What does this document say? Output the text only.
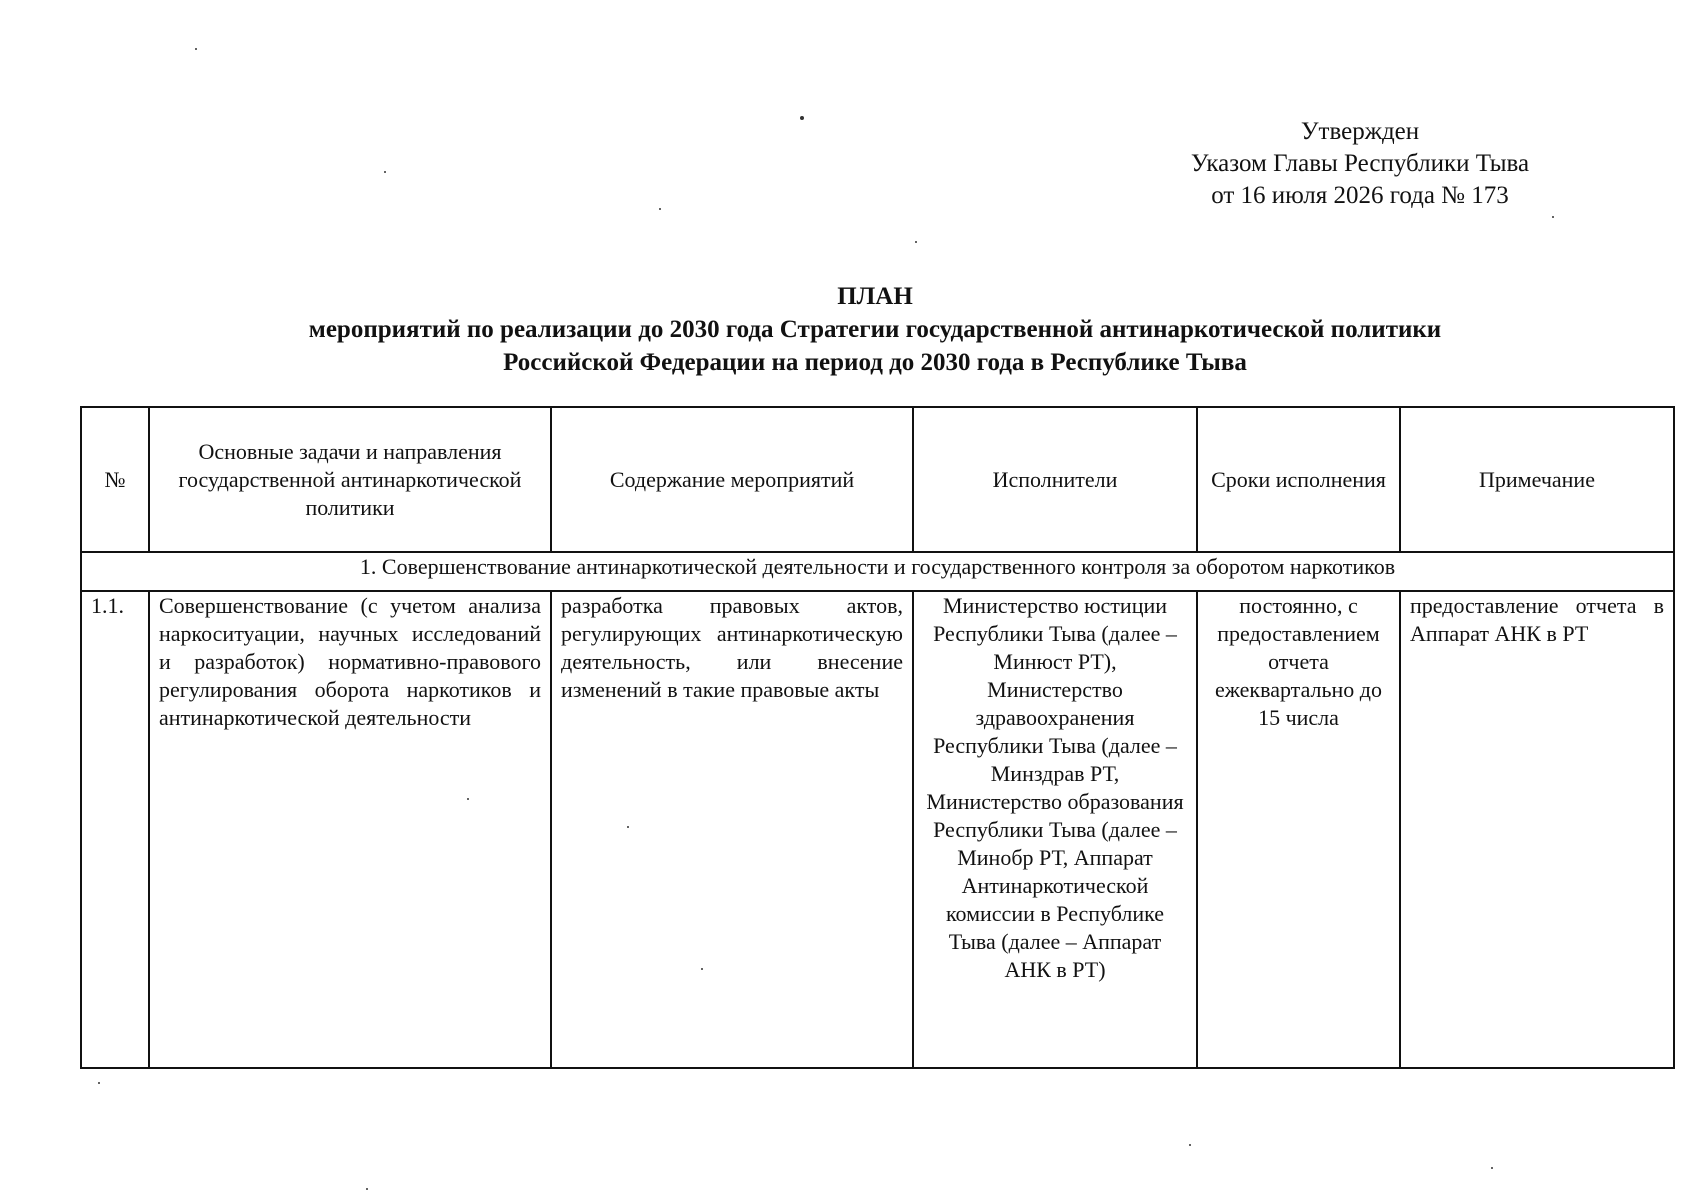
Утвержден
Указом Главы Республики Тыва
от 16 июля 2026 года № 173
ПЛАН
мероприятий по реализации до 2030 года Стратегии государственной антинаркотической политики
Российской Федерации на период до 2030 года в Республике Тыва
№	Основные задачи и направления государственной антинаркотической политики	Содержание мероприятий	Исполнители	Сроки исполнения	Примечание
1. Совершенствование антинаркотической деятельности и государственного контроля за оборотом наркотиков					
1.1.	Совершенствование (с учетом анализа наркоситуации, научных исследований и разработок) нормативно-правового регулирования оборота наркотиков и антинаркотической деятельности	разработка правовых актов, регулирующих антинаркотическую деятельность, или внесение изменений в такие правовые акты	Министерство юстиции Республики Тыва (далее – Минюст РТ), Министерство здравоохранения Республики Тыва (далее – Минздрав РТ, Министерство образования Республики Тыва (далее – Минобр РТ, Аппарат Антинаркотической комиссии в Республике Тыва (далее – Аппарат АНК в РТ)	постоянно, с предоставлением отчета ежеквартально до 15 числа	предоставление отчета в Аппарат АНК в РТ
